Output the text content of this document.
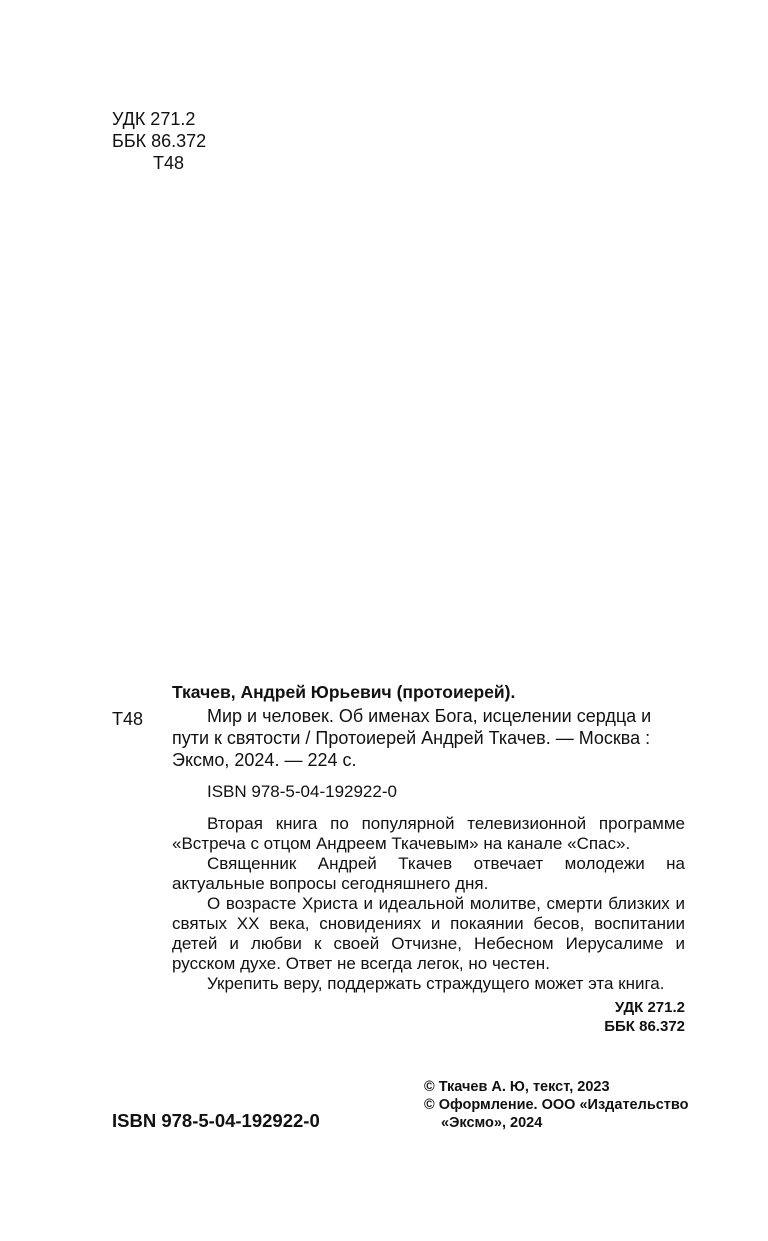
УДК 271.2
ББК 86.372
Т48
Ткачев, Андрей Юрьевич (протоиерей).
Т48	Мир и человек. Об именах Бога, исцелении сердца и
пути к святости / Протоиерей Андрей Ткачев. — Москва :
Эксмо, 2024. — 224 с.
ISBN 978-5-04-192922-0

Вторая книга по популярной телевизионной программе «Встреча с отцом Андреем Ткачевым» на канале «Спас».

Священник Андрей Ткачев отвечает молодежи на актуальные вопросы сегодняшнего дня.

О возрасте Христа и идеальной молитве, смерти близких и святых XX века, сновидениях и покаянии бесов, воспитании детей и любви к своей Отчизне, Небесном Иерусалиме и русском духе. Ответ не всегда легок, но честен.

Укрепить веру, поддержать страждущего может эта книга.

УДК 271.2
ББК 86.372
ISBN 978-5-04-192922-0
© Ткачев А. Ю, текст, 2023
© Оформление. ООО «Издательство
«Эксмо», 2024
